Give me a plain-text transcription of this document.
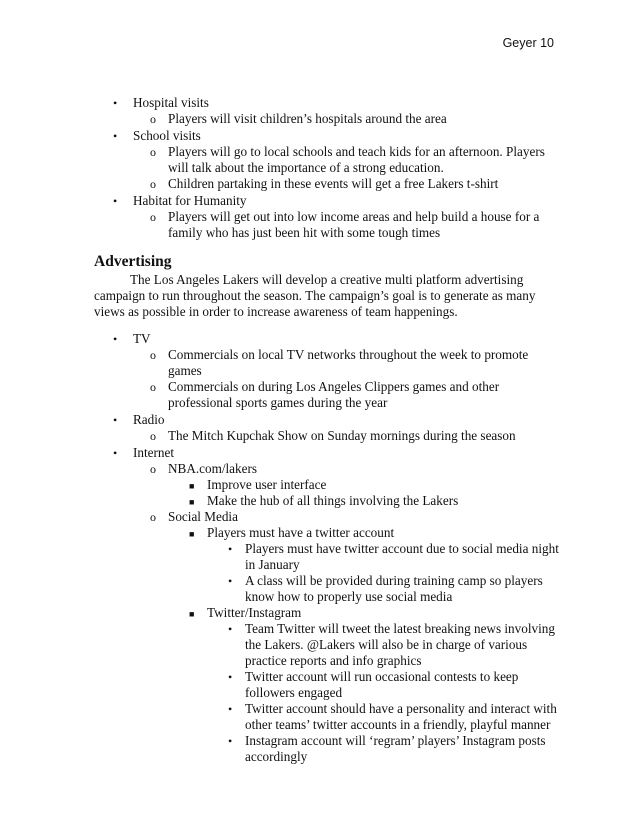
Geyer 10
• Hospital visits
o Players will visit children’s hospitals around the area
• School visits
o Players will go to local schools and teach kids for an afternoon. Players
will talk about the importance of a strong education.
o Children partaking in these events will get a free Lakers t-shirt
• Habitat for Humanity
o Players will get out into low income areas and help build a house for a
family who has just been hit with some tough times
Advertising
The Los Angeles Lakers will develop a creative multi platform advertising
campaign to run throughout the season. The campaign’s goal is to generate as many
views as possible in order to increase awareness of team happenings.
• TV
o Commercials on local TV networks throughout the week to promote
games
o Commercials on during Los Angeles Clippers games and other
professional sports games during the year
• Radio
o The Mitch Kupchak Show on Sunday mornings during the season
• Internet
o NBA.com/lakers
■ Improve user interface
■ Make the hub of all things involving the Lakers
o Social Media
■ Players must have a twitter account
• Players must have twitter account due to social media night
in January
• A class will be provided during training camp so players
know how to properly use social media
■ Twitter/Instagram
• Team Twitter will tweet the latest breaking news involving
the Lakers. @Lakers will also be in charge of various
practice reports and info graphics
• Twitter account will run occasional contests to keep
followers engaged
• Twitter account should have a personality and interact with
other teams’ twitter accounts in a friendly, playful manner
• Instagram account will ‘regram’ players’ Instagram posts
accordingly
